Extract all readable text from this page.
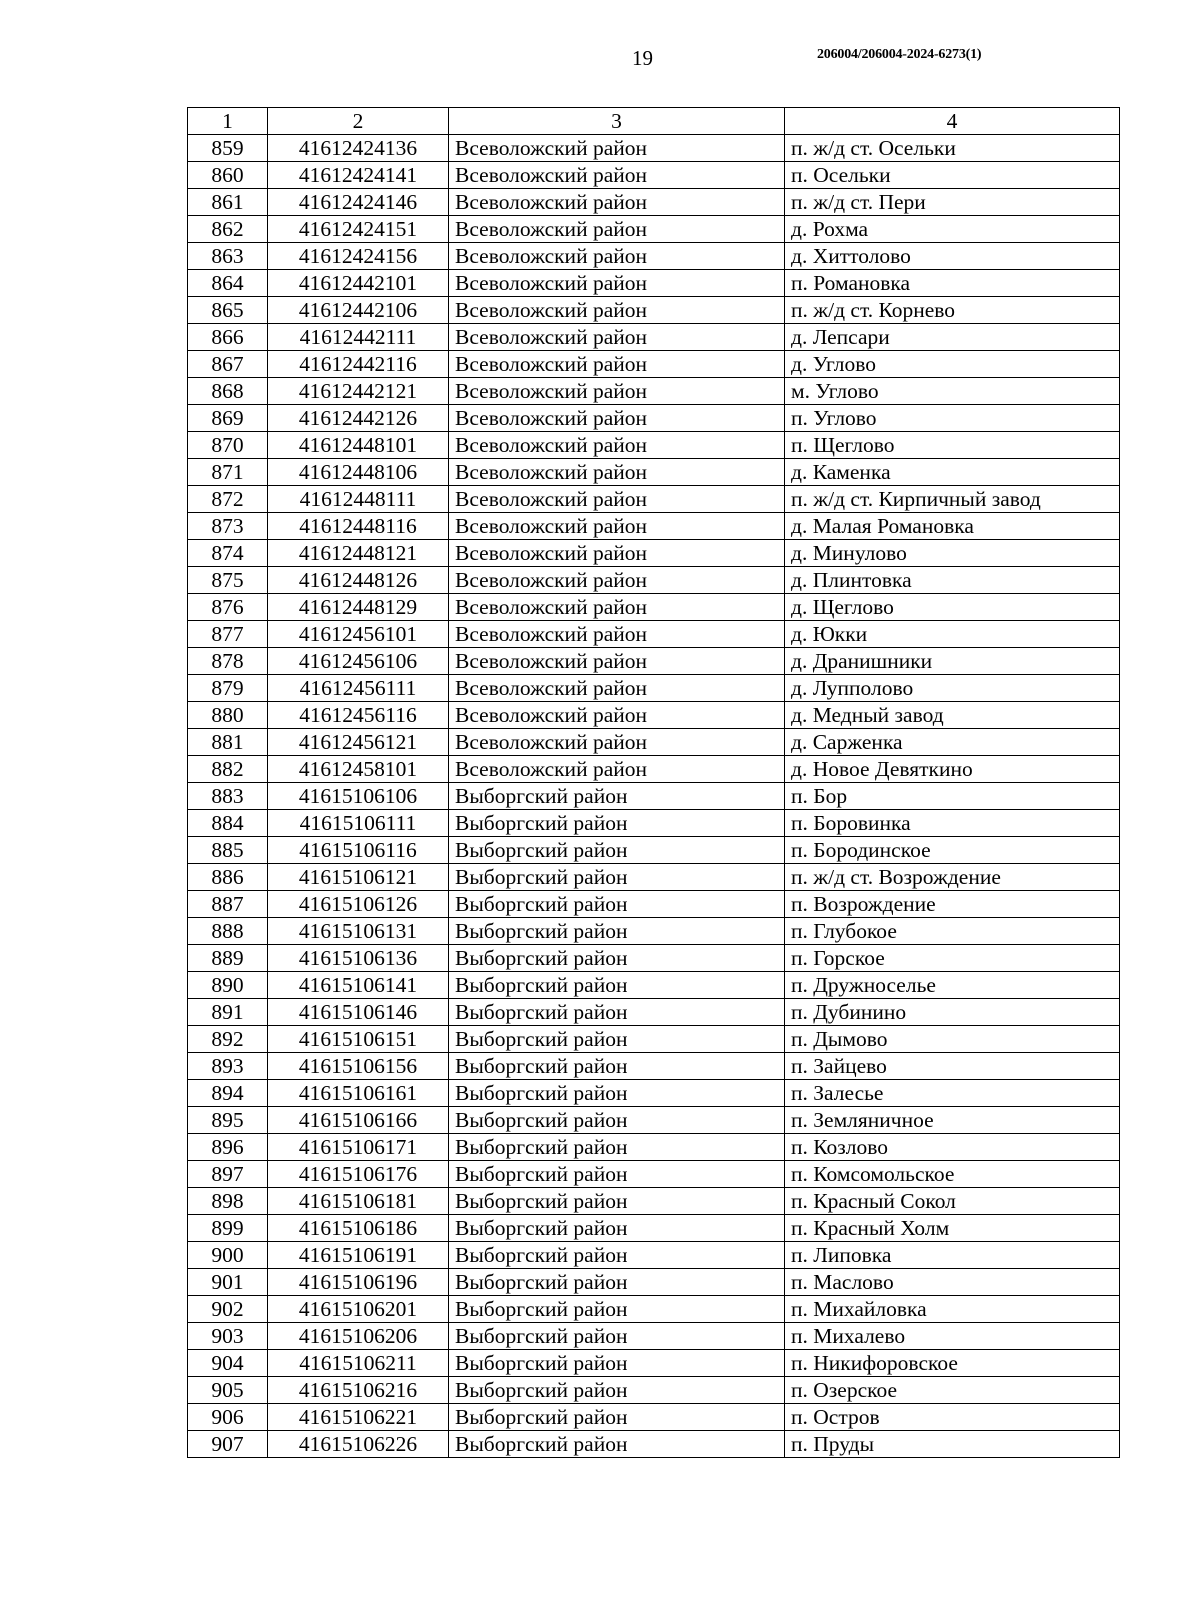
19	206004/206004-2024-6273(1)
1	2	3	4
859	41612424136	Всеволожский район	п. ж/д ст. Осельки
860	41612424141	Всеволожский район	п. Осельки
861	41612424146	Всеволожский район	п. ж/д ст. Пери
862	41612424151	Всеволожский район	д. Рохма
863	41612424156	Всеволожский район	д. Хиттолово
864	41612442101	Всеволожский район	п. Романовка
865	41612442106	Всеволожский район	п. ж/д ст. Корнево
866	41612442111	Всеволожский район	д. Лепсари
867	41612442116	Всеволожский район	д. Углово
868	41612442121	Всеволожский район	м. Углово
869	41612442126	Всеволожский район	п. Углово
870	41612448101	Всеволожский район	п. Щеглово
871	41612448106	Всеволожский район	д. Каменка
872	41612448111	Всеволожский район	п. ж/д ст. Кирпичный завод
873	41612448116	Всеволожский район	д. Малая Романовка
874	41612448121	Всеволожский район	д. Минулово
875	41612448126	Всеволожский район	д. Плинтовка
876	41612448129	Всеволожский район	д. Щеглово
877	41612456101	Всеволожский район	д. Юкки
878	41612456106	Всеволожский район	д. Дранишники
879	41612456111	Всеволожский район	д. Лупполово
880	41612456116	Всеволожский район	д. Медный завод
881	41612456121	Всеволожский район	д. Сарженка
882	41612458101	Всеволожский район	д. Новое Девяткино
883	41615106106	Выборгский район	п. Бор
884	41615106111	Выборгский район	п. Боровинка
885	41615106116	Выборгский район	п. Бородинское
886	41615106121	Выборгский район	п. ж/д ст. Возрождение
887	41615106126	Выборгский район	п. Возрождение
888	41615106131	Выборгский район	п. Глубокое
889	41615106136	Выборгский район	п. Горское
890	41615106141	Выборгский район	п. Дружноселье
891	41615106146	Выборгский район	п. Дубинино
892	41615106151	Выборгский район	п. Дымово
893	41615106156	Выборгский район	п. Зайцево
894	41615106161	Выборгский район	п. Залесье
895	41615106166	Выборгский район	п. Земляничное
896	41615106171	Выборгский район	п. Козлово
897	41615106176	Выборгский район	п. Комсомольское
898	41615106181	Выборгский район	п. Красный Сокол
899	41615106186	Выборгский район	п. Красный Холм
900	41615106191	Выборгский район	п. Липовка
901	41615106196	Выборгский район	п. Маслово
902	41615106201	Выборгский район	п. Михайловка
903	41615106206	Выборгский район	п. Михалево
904	41615106211	Выборгский район	п. Никифоровское
905	41615106216	Выборгский район	п. Озерское
906	41615106221	Выборгский район	п. Остров
907	41615106226	Выборгский район	п. Пруды
